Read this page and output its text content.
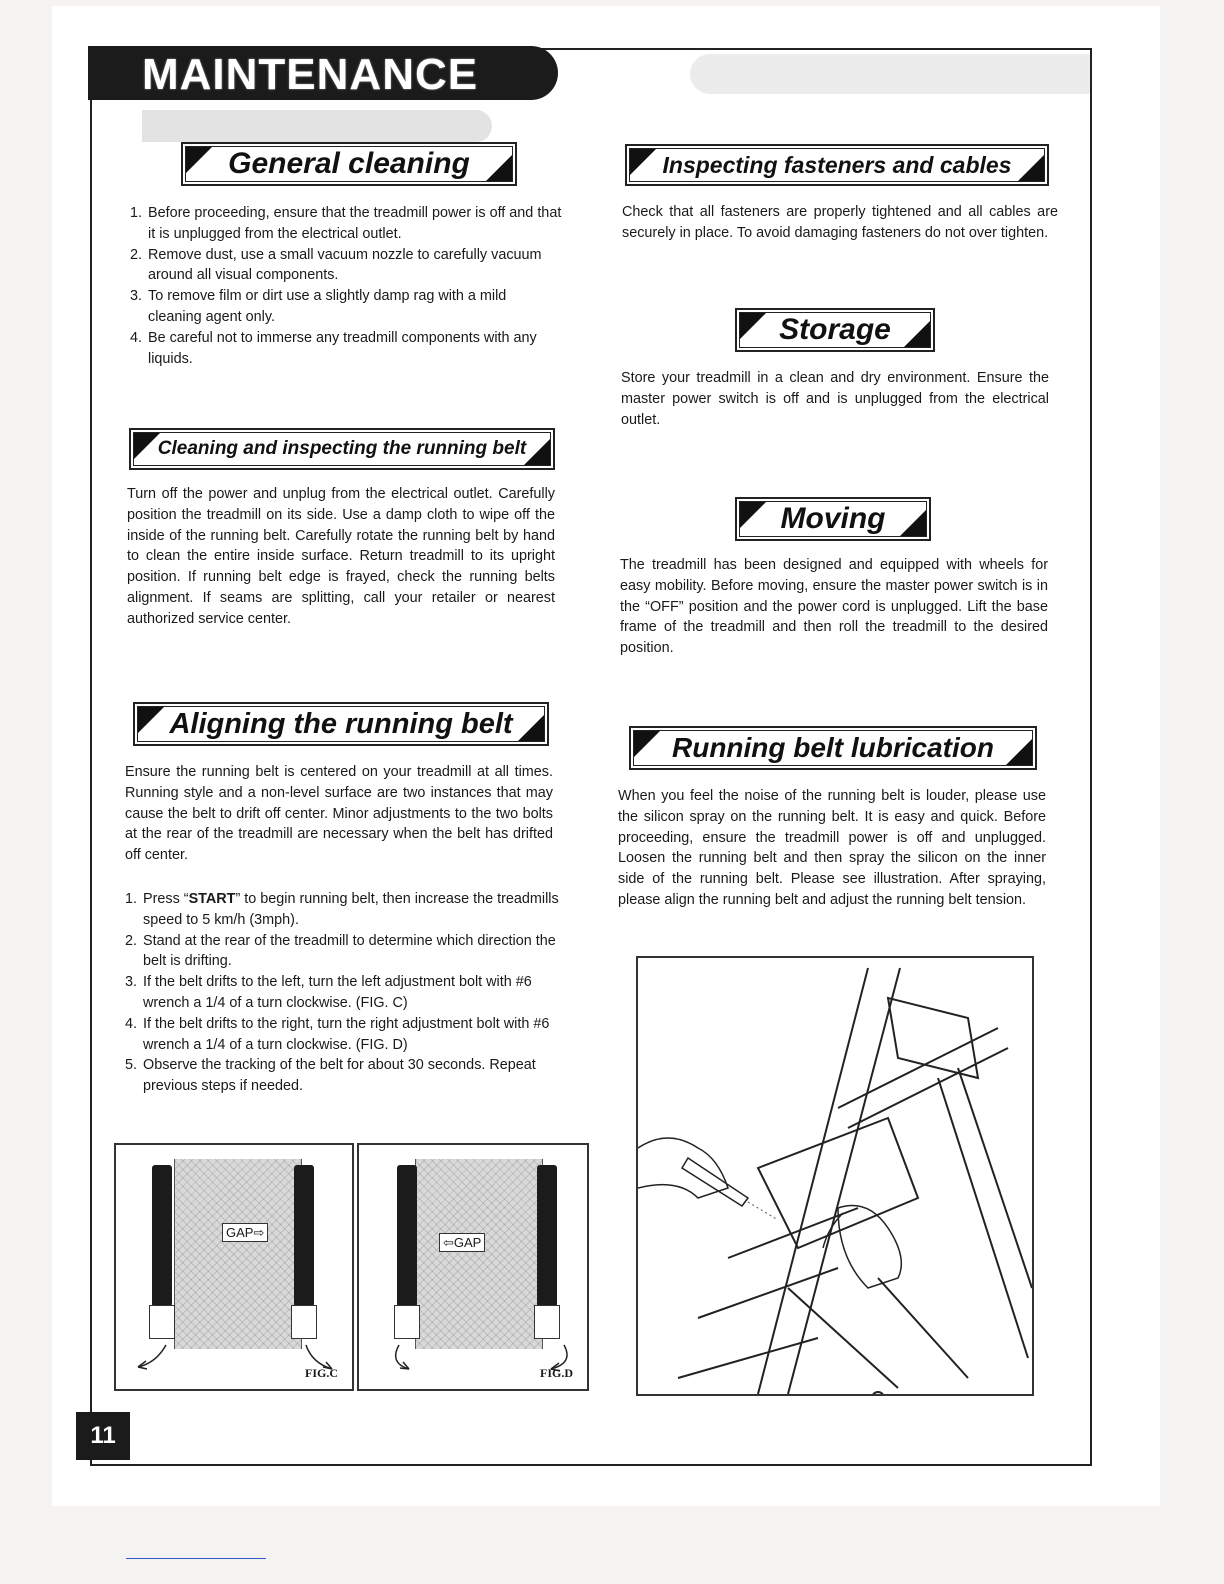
MAINTENANCE
General cleaning
1. Before proceeding, ensure that the treadmill power is off and that it is unplugged from the electrical outlet.
2. Remove dust, use a small vacuum nozzle to carefully vacuum around all visual components.
3. To remove film or dirt use a slightly damp rag with a mild cleaning agent only.
4. Be careful not to immerse any treadmill components with any liquids.
Cleaning and inspecting the running belt
Turn off the power and unplug from the electrical outlet. Carefully position the treadmill on its side. Use a damp cloth to wipe off the inside of the running belt. Carefully rotate the running belt by hand to clean the entire inside surface. Return treadmill to its upright position. If running belt edge is frayed, check the running belts alignment. If seams are splitting, call your retailer or nearest authorized service center.
Aligning the running belt
Ensure the running belt is centered on your treadmill at all times. Running style and a non-level surface are two instances that may cause the belt to drift off center. Minor adjustments to the two bolts at the rear of the treadmill are necessary when the belt has drifted off center.
1. Press “START” to begin running belt, then increase the treadmills speed to 5 km/h (3mph).
2. Stand at the rear of the treadmill to determine which direction the belt is drifting.
3. If the belt drifts to the left, turn the left adjustment bolt with #6 wrench a 1/4 of a turn clockwise. (FIG. C)
4. If the belt drifts to the right, turn the right adjustment bolt with #6 wrench a 1/4 of a turn clockwise. (FIG. D)
5. Observe the tracking of the belt for about 30 seconds. Repeat previous steps if needed.
GAP⇨
FIG.C
⇦GAP
FIG.D
Inspecting fasteners and cables
Check that all fasteners are properly tightened and all cables are securely in place. To avoid damaging fasteners do not over tighten.
Storage
Store your treadmill in a clean and dry environment. Ensure the master power switch is off and is unplugged from the electrical outlet.
Moving
The treadmill has been designed and equipped with wheels for easy mobility. Before moving, ensure the master power switch is in the “OFF” position and the power cord is unplugged. Lift the base frame of the treadmill and then roll the treadmill to the desired position.
Running belt lubrication
When you feel the noise of the running belt is louder, please use the silicon spray on the running belt. It is easy and quick. Before proceeding, ensure the treadmill power is off and unplugged. Loosen the running belt and then spray the silicon on the inner side of the running belt. Please see illustration. After spraying, please align the running belt and adjust the running belt tension.
11
